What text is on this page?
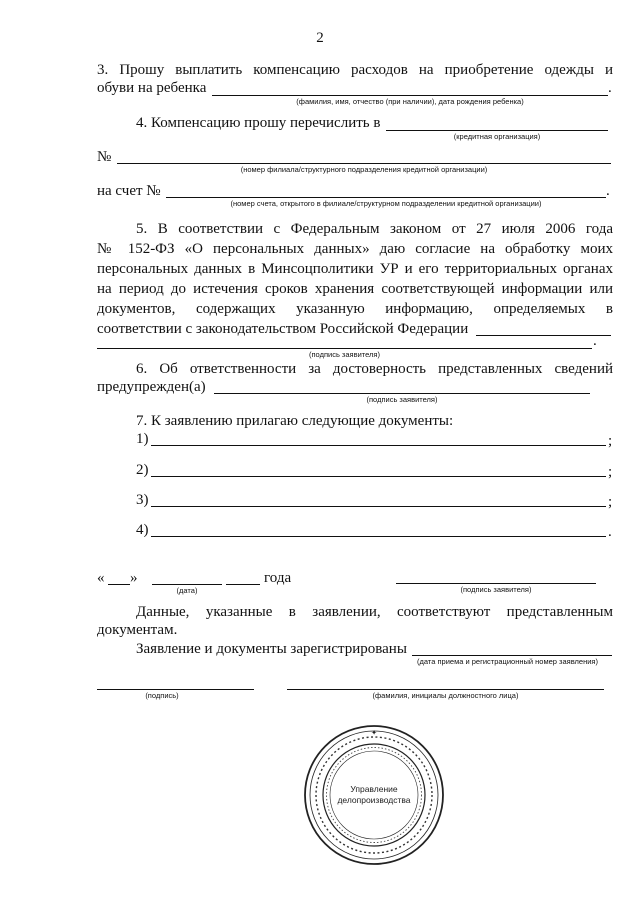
2
3. Прошу выплатить компенсацию расходов на приобретение одежды и
обуви на ребенка	.
(фамилия, имя, отчество (при наличии), дата рождения ребенка)
4. Компенсацию прошу перечислить в
(кредитная организация)
№
(номер филиала/структурного подразделения кредитной организации)
на счет №	.
(номер счета, открытого в филиале/структурном подразделении кредитной организации)
5. В соответствии с Федеральным законом от 27 июля 2006 года
№ 152-ФЗ «О персональных данных» даю согласие на обработку моих
персональных данных в Минсоцполитики УР и его территориальных органах
на период до истечения сроков хранения соответствующей информации или
документов, содержащих указанную информацию, определяемых в
соответствии с законодательством Российской Федерации
.
(подпись заявителя)
6. Об ответственности за достоверность представленных сведений
предупрежден(а)
(подпись заявителя)
7. К заявлению прилагаю следующие документы:
1)	;
2)	;
3)	;
4)	.
« »	года
(дата)	(подпись заявителя)
Данные, указанные в заявлении, соответствуют представленным
документам.
Заявление и документы зарегистрированы
(дата приема и регистрационный номер заявления)
(подпись)	(фамилия, инициалы должностного лица)
✦
Управление
делопроизводства
